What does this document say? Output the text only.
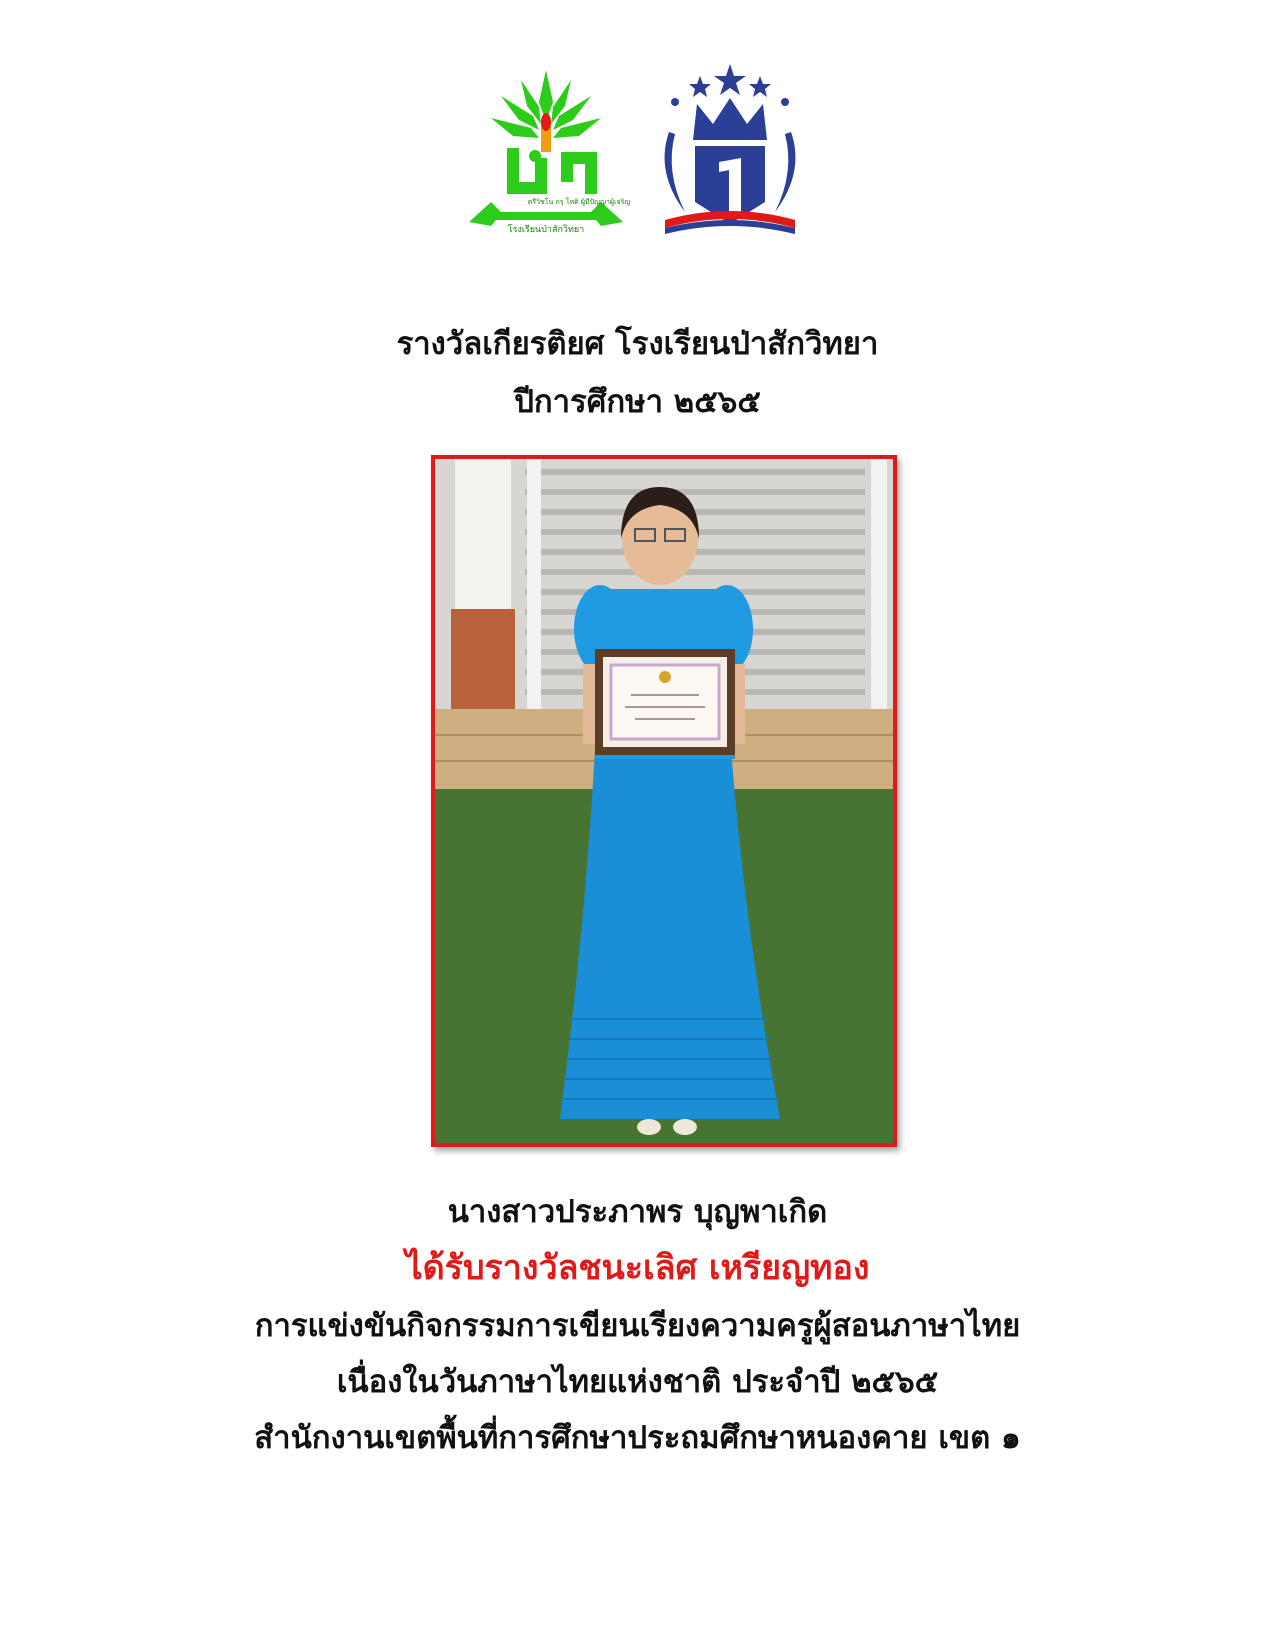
ตรีวิชโน กรุ โหติ ผู้มีปัญญาผู้เจริญ
โรงเรียนป่าสักวิทยา

รางวัลเกียรติยศ โรงเรียนป่าสักวิทยา

ปีการศึกษา ๒๕๖๕

นางสาวประภาพร บุญพาเกิด

ได้รับรางวัลชนะเลิศ เหรียญทอง

การแข่งขันกิจกรรมการเขียนเรียงความครูผู้สอนภาษาไทย

เนื่องในวันภาษาไทยแห่งชาติ ประจำปี ๒๕๖๕

สำนักงานเขตพื้นที่การศึกษาประถมศึกษาหนองคาย เขต ๑
